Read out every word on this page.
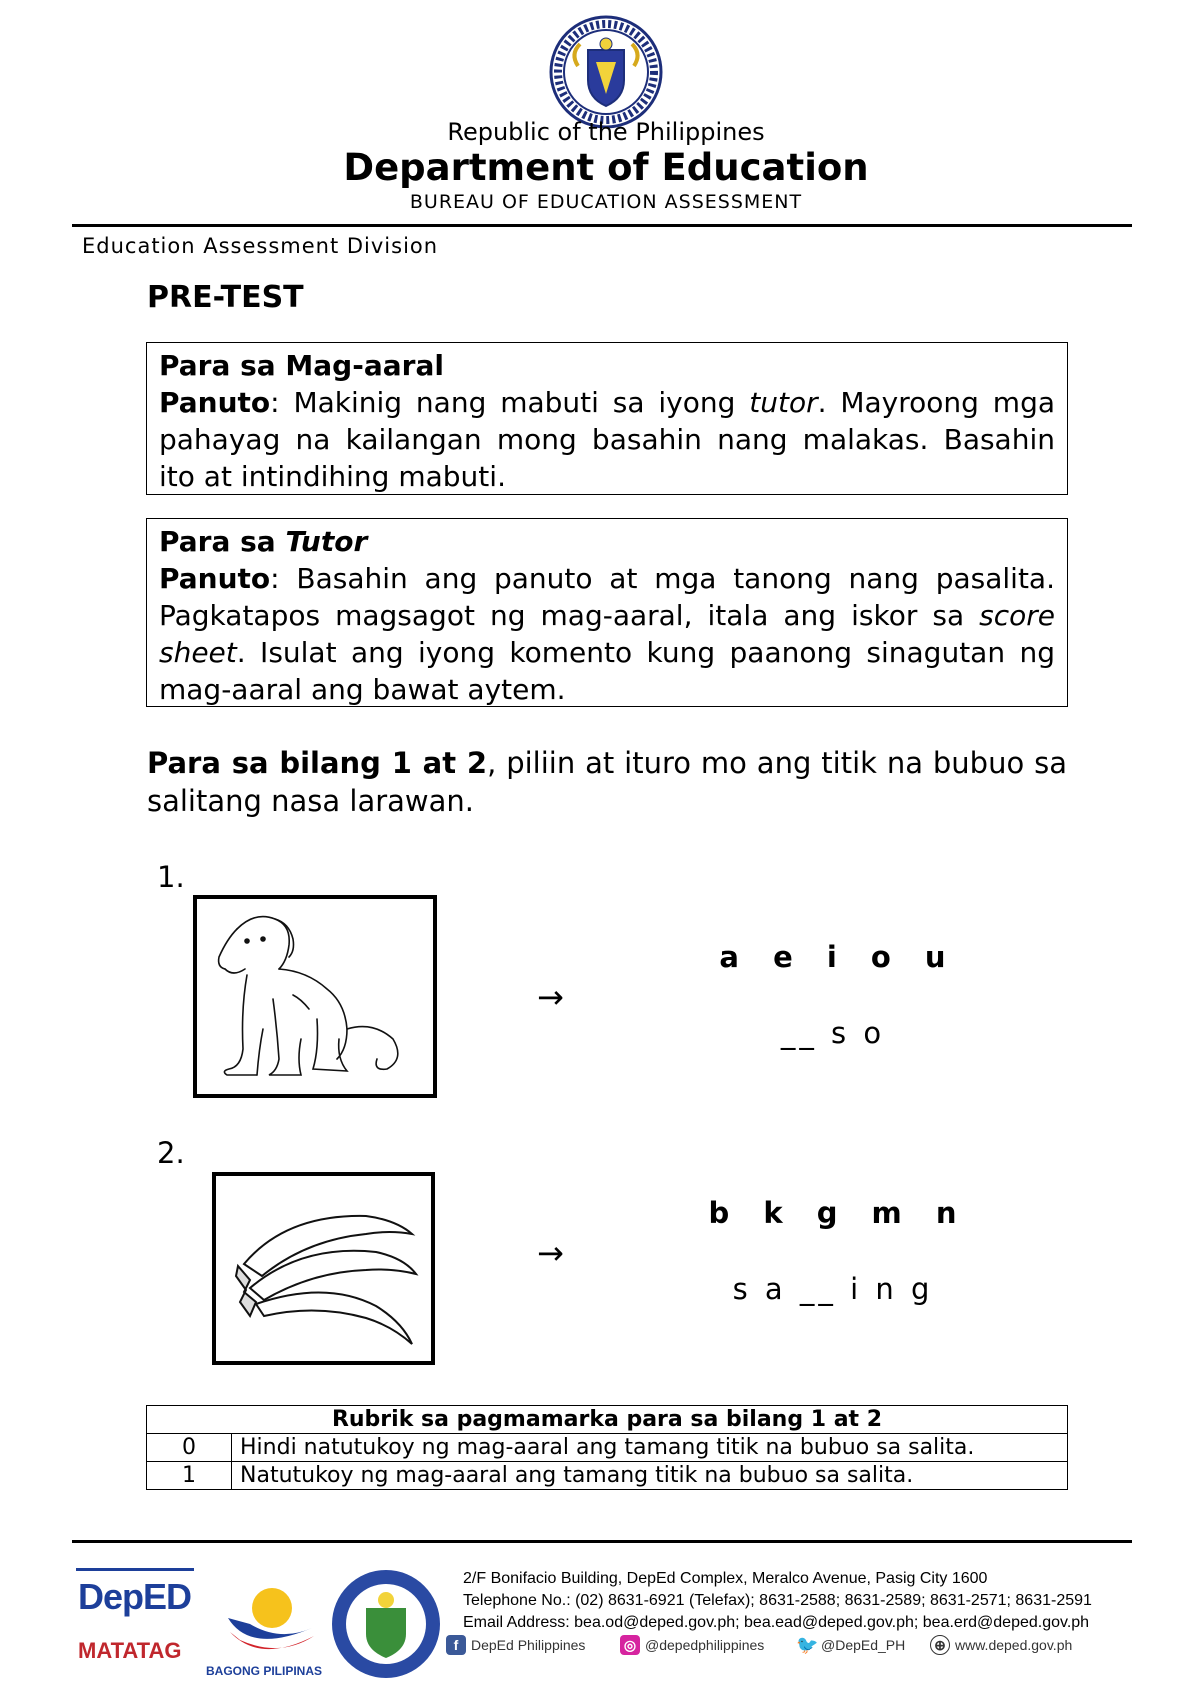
Republic of the Philippines
Department of Education
BUREAU OF EDUCATION ASSESSMENT
Education Assessment Division
PRE-TEST
Para sa Mag-aaral
Panuto: Makinig nang mabuti sa iyong tutor. Mayroong mga pahayag na kailangan mong basahin nang malakas. Basahin ito at intindihing mabuti.
Para sa Tutor
Panuto: Basahin ang panuto at mga tanong nang pasalita. Pagkatapos magsagot ng mag-aaral, itala ang iskor sa score sheet. Isulat ang iyong komento kung paanong sinagutan ng mag-aaral ang bawat aytem.
Para sa bilang 1 at 2, piliin at ituro mo ang titik na bubuo sa salitang nasa larawan.
1.
→
a e i o u
__ s o
2.
→
b k g m n
s a __ i n g
Rubrik sa pagmamarka para sa bilang 1 at 2	
0	Hindi natutukoy ng mag-aaral ang tamang titik na bubuo sa salita.
1	Natutukoy ng mag-aaral ang tamang titik na bubuo sa salita.
DepED
MATATAG
BAGONG PILIPINAS
2/F Bonifacio Building, DepEd Complex, Meralco Avenue, Pasig City 1600
Telephone No.: (02) 8631-6921 (Telefax); 8631-2588; 8631-2589; 8631-2571; 8631-2591
Email Address: bea.od@deped.gov.ph; bea.ead@deped.gov.ph; bea.erd@deped.gov.ph
f DepEd Philippines	◎ @depedphilippines 🐦 @DepEd_PH ⊕ www.deped.gov.ph
